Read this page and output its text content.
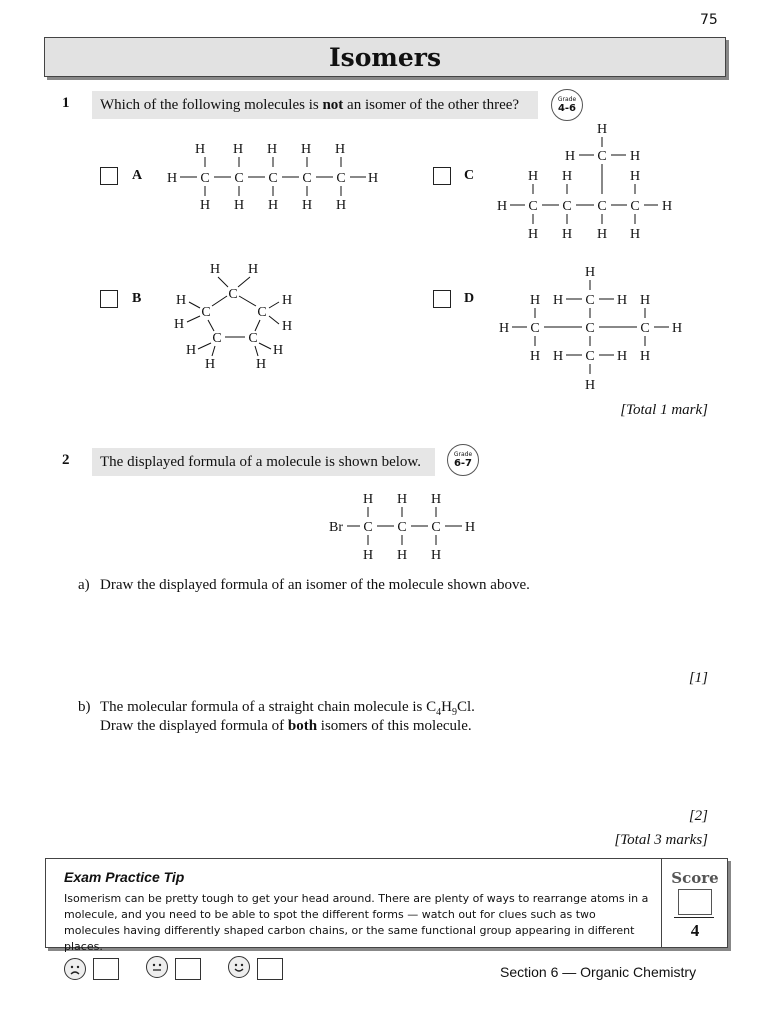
75
Isomers
1	Which of the following molecules is not an isomer of the other three?	Grade
4-6
A
H H H H H
H C C C C C H
H H H H H
C
H
H C H
H H	H
H C C C C H
H H H H
B	C
C	C
C C
H H
H
H
H
H
H
H
H
H
D
H
H H C H H
H C	C	C H
H H C H H
H
[Total 1 mark]
2	The displayed formula of a molecule is shown below.	Grade
6-7
H H H
Br C C C H
H H H
a) Draw the displayed formula of an isomer of the molecule shown above.
[1]
b) The molecular formula of a straight chain molecule is $C_4H_9Cl$.
Draw the displayed formula of both isomers of this molecule.
[2]
[Total 3 marks]
Exam Practice Tip
Isomerism can be pretty tough to get your head around. There are plenty of ways to rearrange atoms in a molecule, and you need to be able to spot the different forms — watch out for clues such as two molecules having differently shaped carbon chains, or the same functional group appearing in different places.
Score
4
Section 6 — Organic Chemistry
